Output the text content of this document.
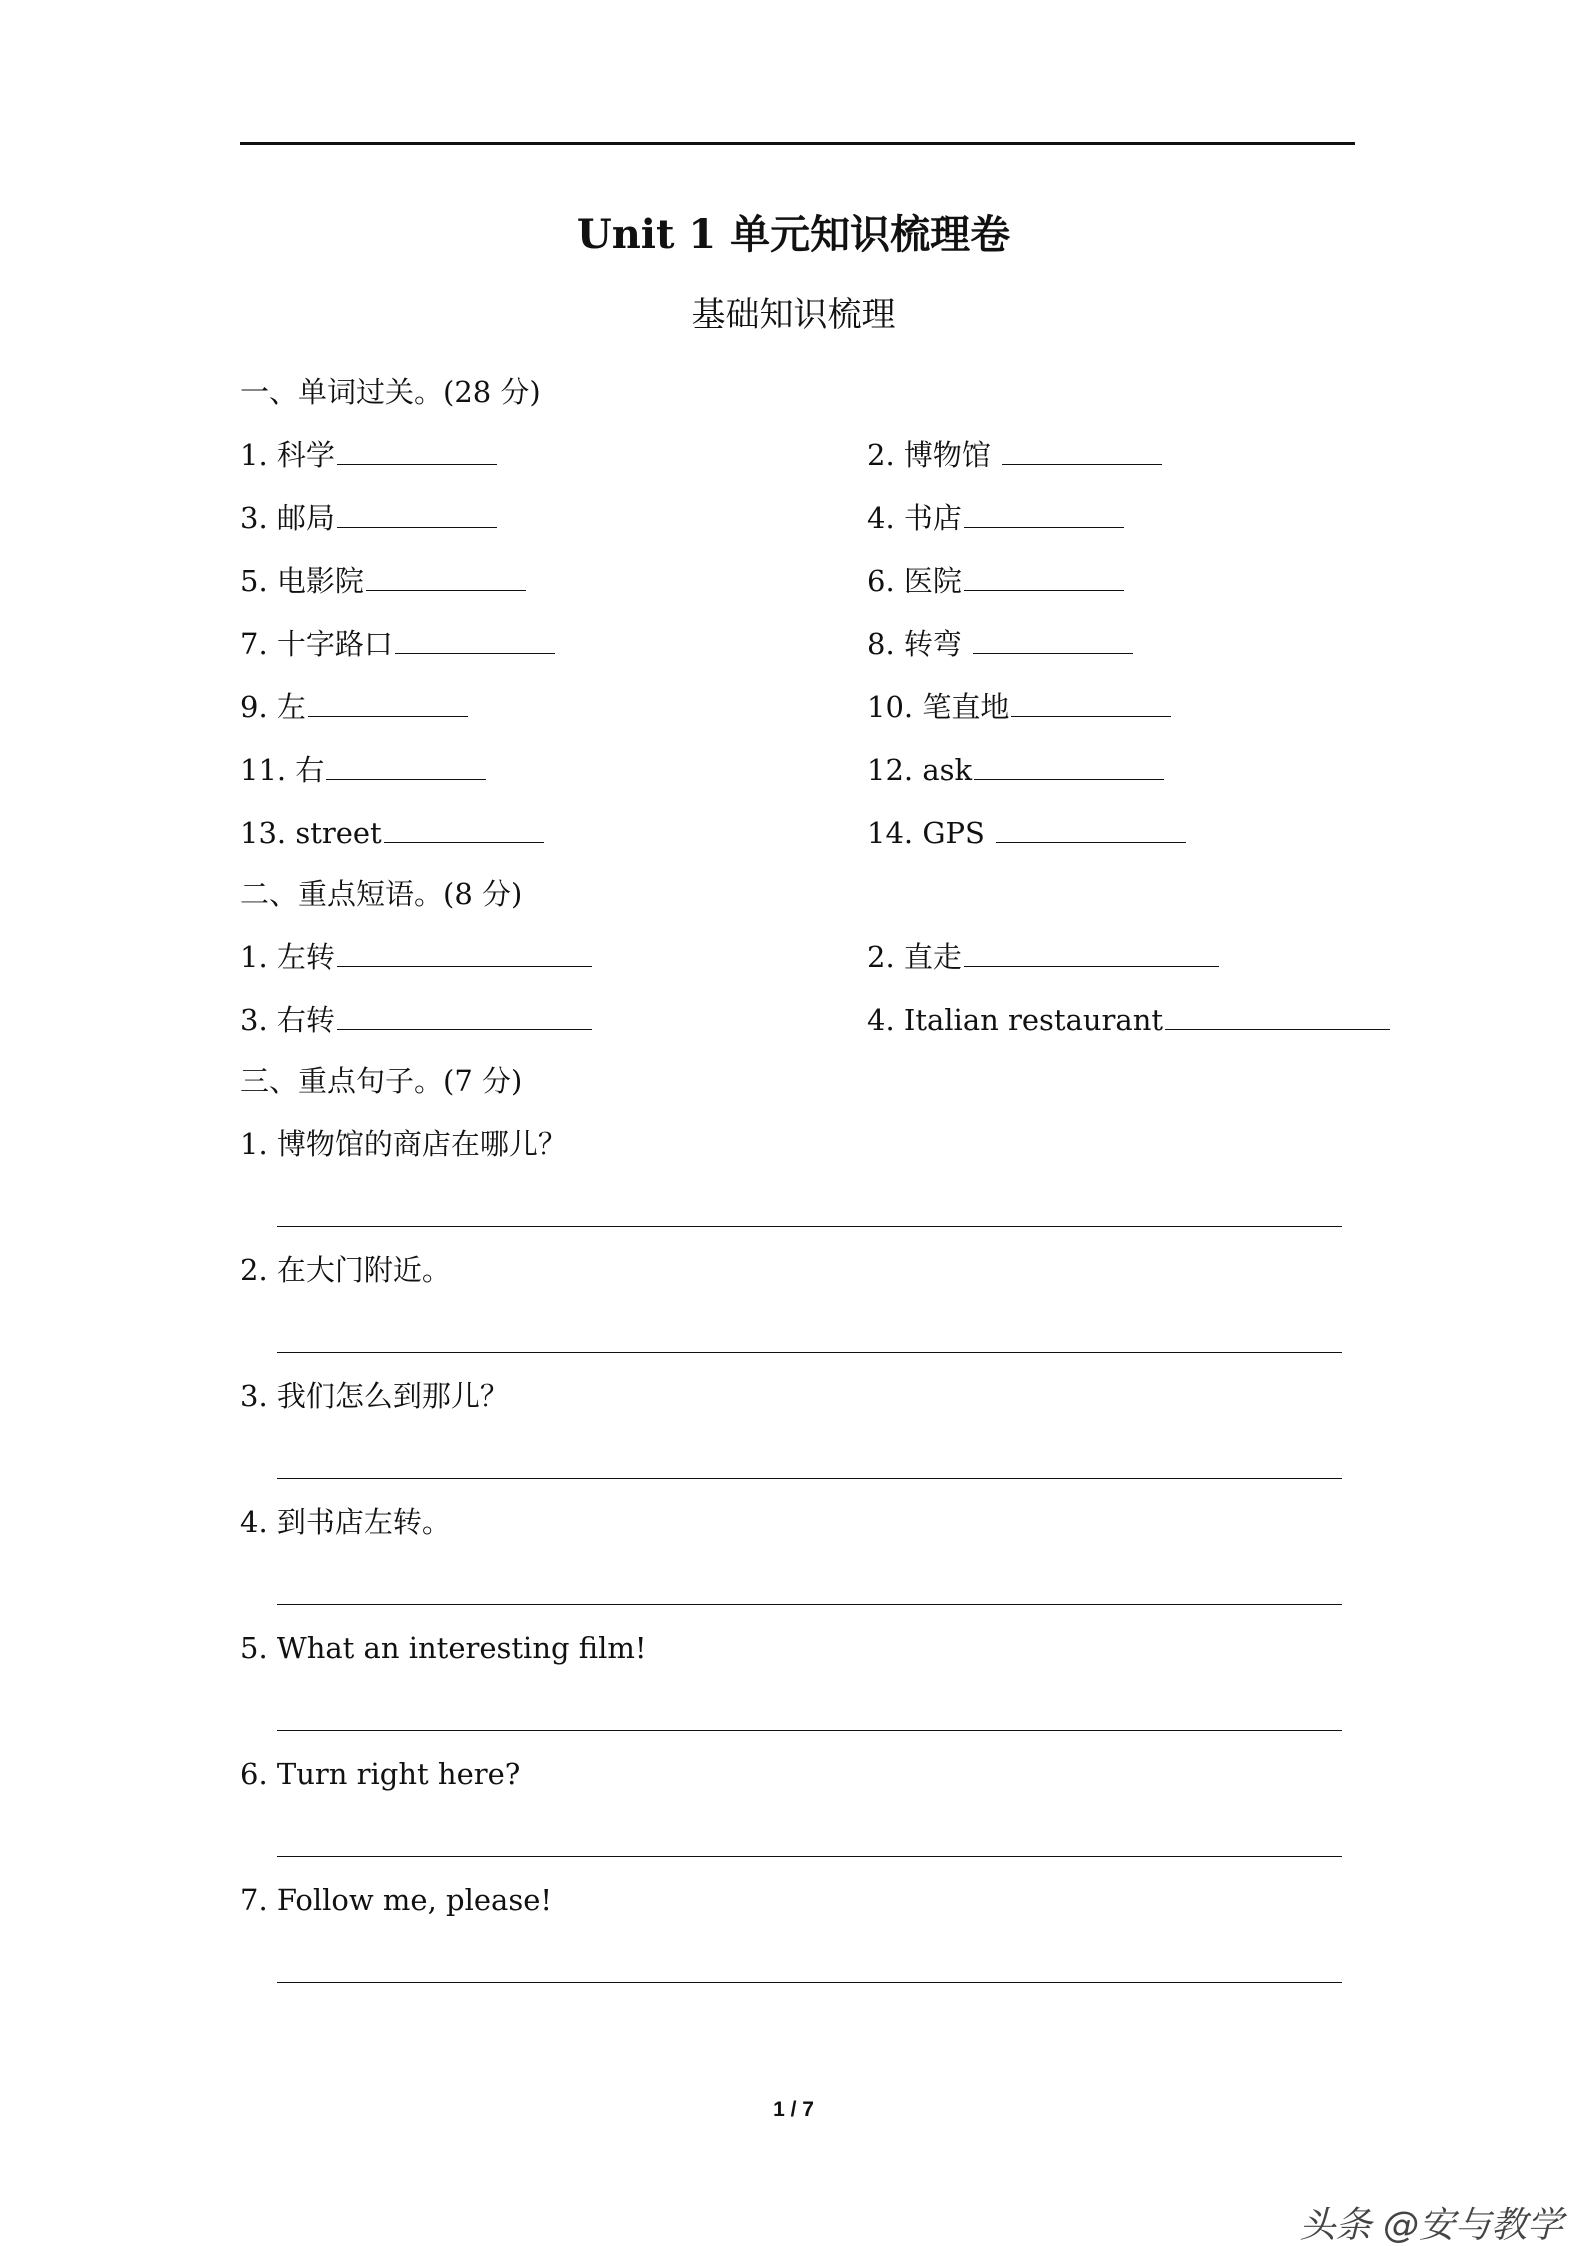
Unit 1 单元知识梳理卷
基础知识梳理
一、单词过关。(28 分)
1. 科学	2. 博物馆
3. 邮局	4. 书店
5. 电影院	6. 医院
7. 十字路口	8. 转弯
9. 左	10. 笔直地
11. 右	12. ask
13. street	14. GPS
二、重点短语。(8 分)
1. 左转	2. 直走
3. 右转	4. Italian restaurant
三、重点句子。(7 分)
1. 博物馆的商店在哪儿？
2. 在大门附近。
3. 我们怎么到那儿？
4. 到书店左转。
5. What an interesting film!
6. Turn right here?
7. Follow me, please!
1 / 7
头条 @安与教学
